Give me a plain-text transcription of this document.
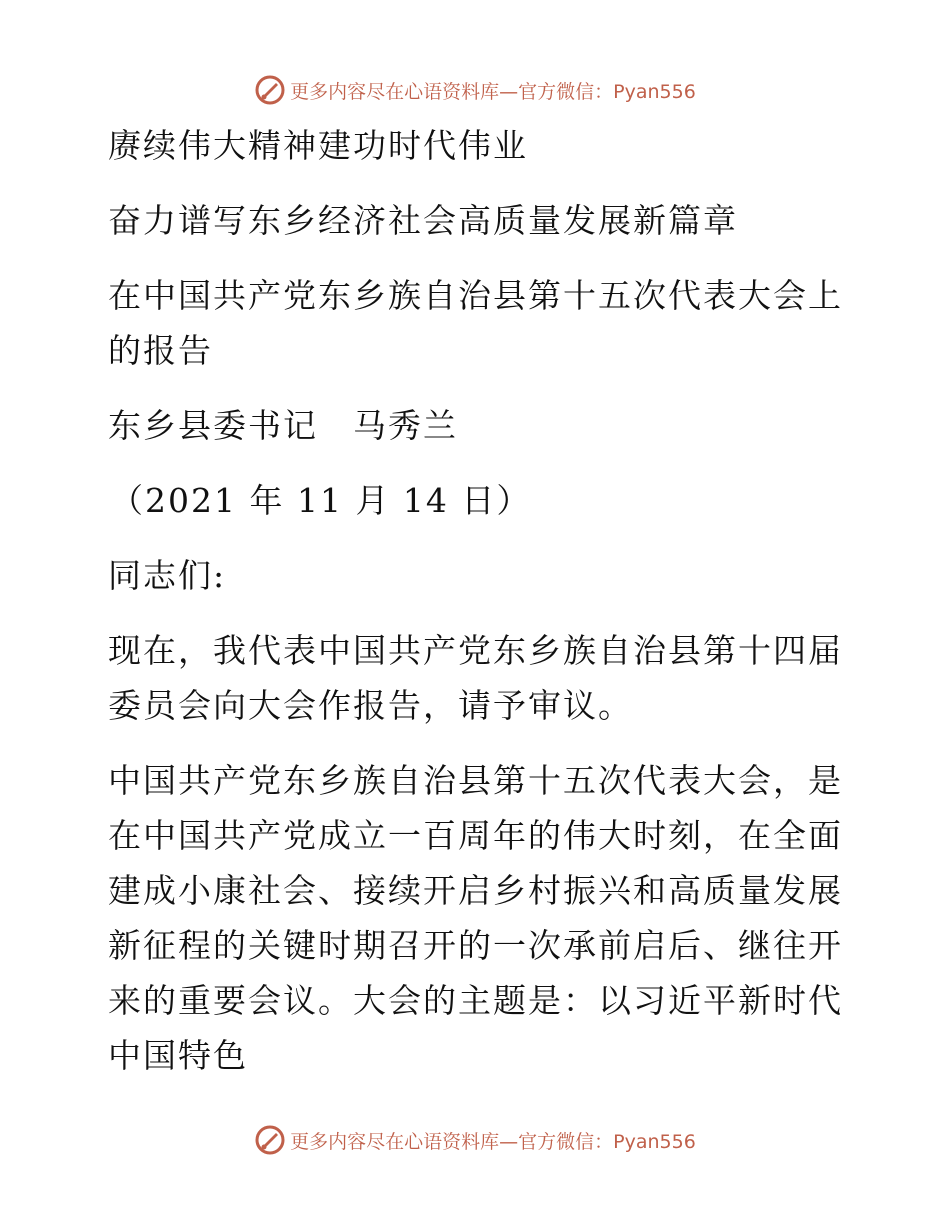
更多内容尽在心语资料库—官方微信：Pyan556

赓续伟大精神建功时代伟业

奋力谱写东乡经济社会高质量发展新篇章

在中国共产党东乡族自治县第十五次代表大会上的报告

东乡县委书记　马秀兰

（2021 年 11 月 14 日）

同志们:

现在，我代表中国共产党东乡族自治县第十四届委员会向大会作报告，请予审议。

中国共产党东乡族自治县第十五次代表大会，是在中国共产党成立一百周年的伟大时刻，在全面建成小康社会、接续开启乡村振兴和高质量发展新征程的关键时期召开的一次承前启后、继往开来的重要会议。大会的主题是：以习近平新时代中国特色

更多内容尽在心语资料库—官方微信：Pyan556
